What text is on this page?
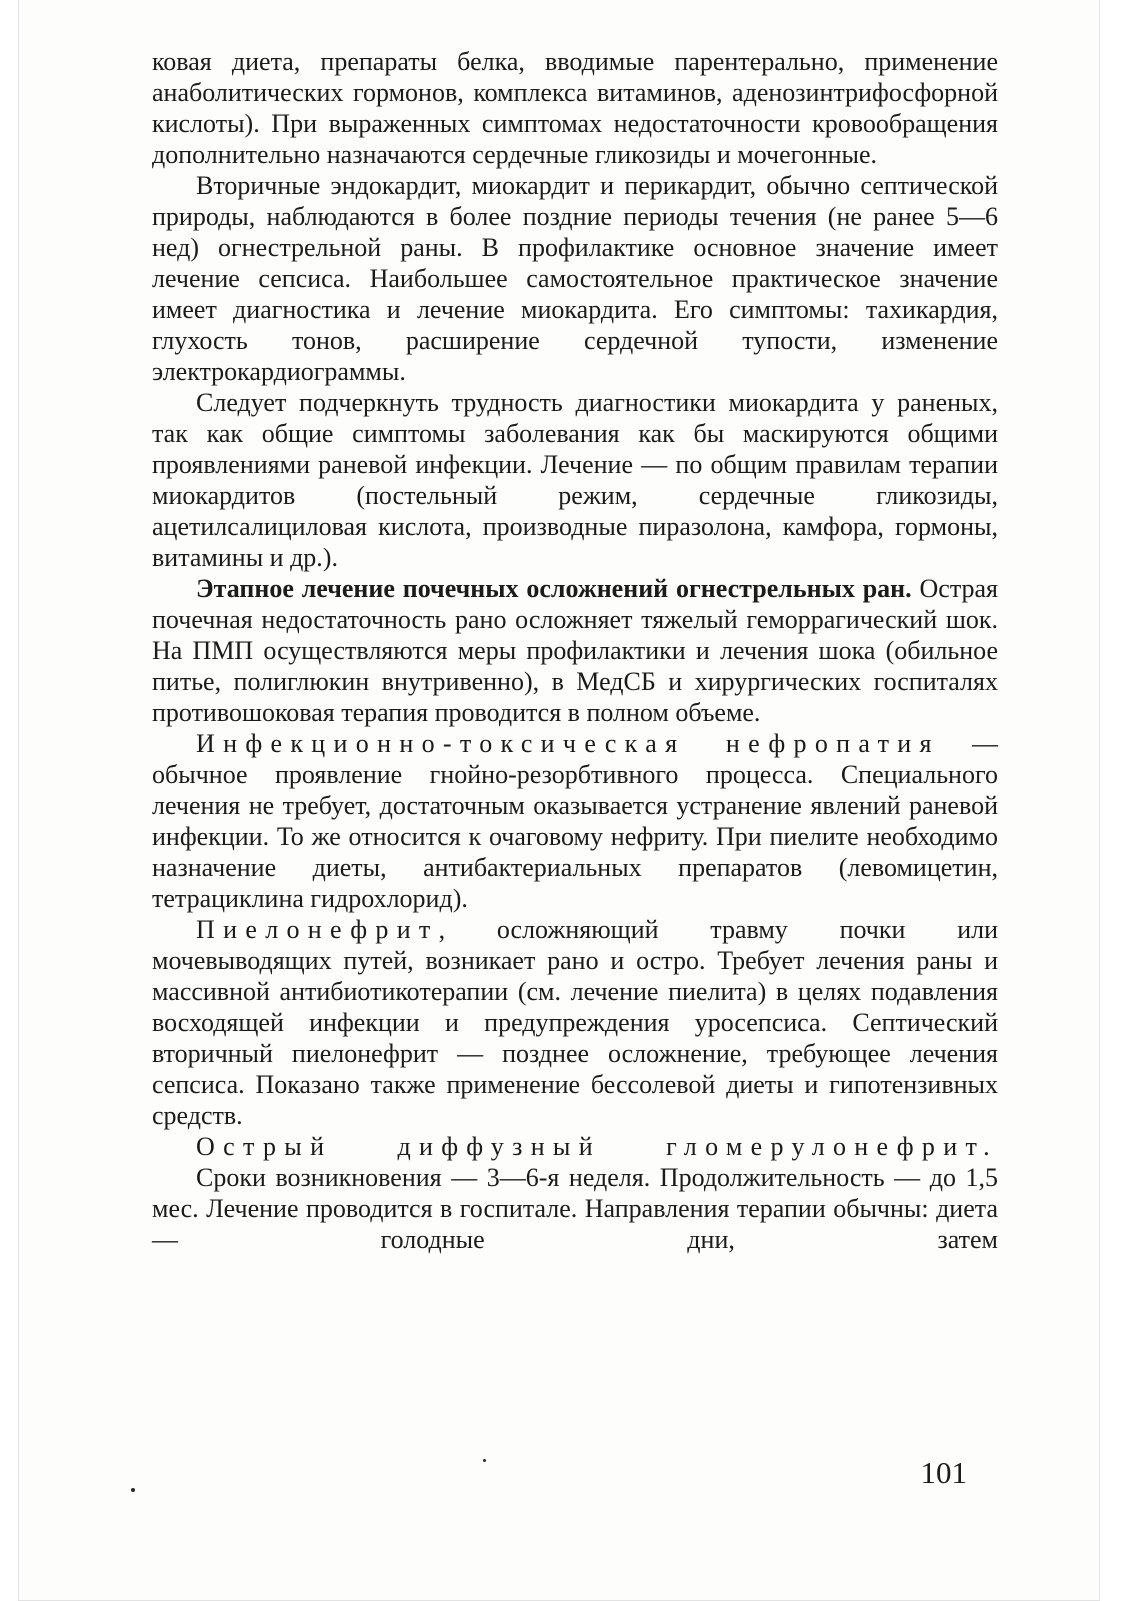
ковая диета, препараты белка, вводимые парентерально, применение анаболитических гормонов, комплекса витаминов, аденозинтрифосфорной кислоты). При выраженных симптомах недостаточности кровообращения дополнительно назначаются сердечные гликозиды и мочегонные.

Вторичные эндокардит, миокардит и перикардит, обычно септической природы, наблюдаются в более поздние периоды течения (не ранее 5—6 нед) огнестрельной раны. В профилактике основное значение имеет лечение сепсиса. Наибольшее самостоятельное практическое значение имеет диагностика и лечение миокардита. Его симптомы: тахикардия, глухость тонов, расширение сердечной тупости, изменение электрокардиограммы.

Следует подчеркнуть трудность диагностики миокардита у раненых, так как общие симптомы заболевания как бы маскируются общими проявлениями раневой инфекции. Лечение — по общим правилам терапии миокардитов (постельный режим, сердечные гликозиды, ацетилсалициловая кислота, производные пиразолона, камфора, гормоны, витамины и др.).

Этапное лечение почечных осложнений огнестрельных ран. Острая почечная недостаточность рано осложняет тяжелый геморрагический шок. На ПМП осуществляются меры профилактики и лечения шока (обильное питье, полиглюкин внутривенно), в МедСБ и хирургических госпиталях противошоковая терапия проводится в полном объеме.

Инфекционно-токсическая нефропатия — обычное проявление гнойно-резорбтивного процесса. Специального лечения не требует, достаточным оказывается устранение явлений раневой инфекции. То же относится к очаговому нефриту. При пиелите необходимо назначение диеты, антибактериальных препаратов (левомицетин, тетрациклина гидрохлорид).

Пиелонефрит, осложняющий травму почки или мочевыводящих путей, возникает рано и остро. Требует лечения раны и массивной антибиотикотерапии (см. лечение пиелита) в целях подавления восходящей инфекции и предупреждения уросепсиса. Септический вторичный пиелонефрит — позднее осложнение, требующее лечения сепсиса. Показано также применение бессолевой диеты и гипотензивных средств.

Острый диффузный гломерулонефрит.

Сроки возникновения — 3—6-я неделя. Продолжительность — до 1,5 мес. Лечение проводится в госпитале. Направления терапии обычны: диета — голодные дни, затем

101
